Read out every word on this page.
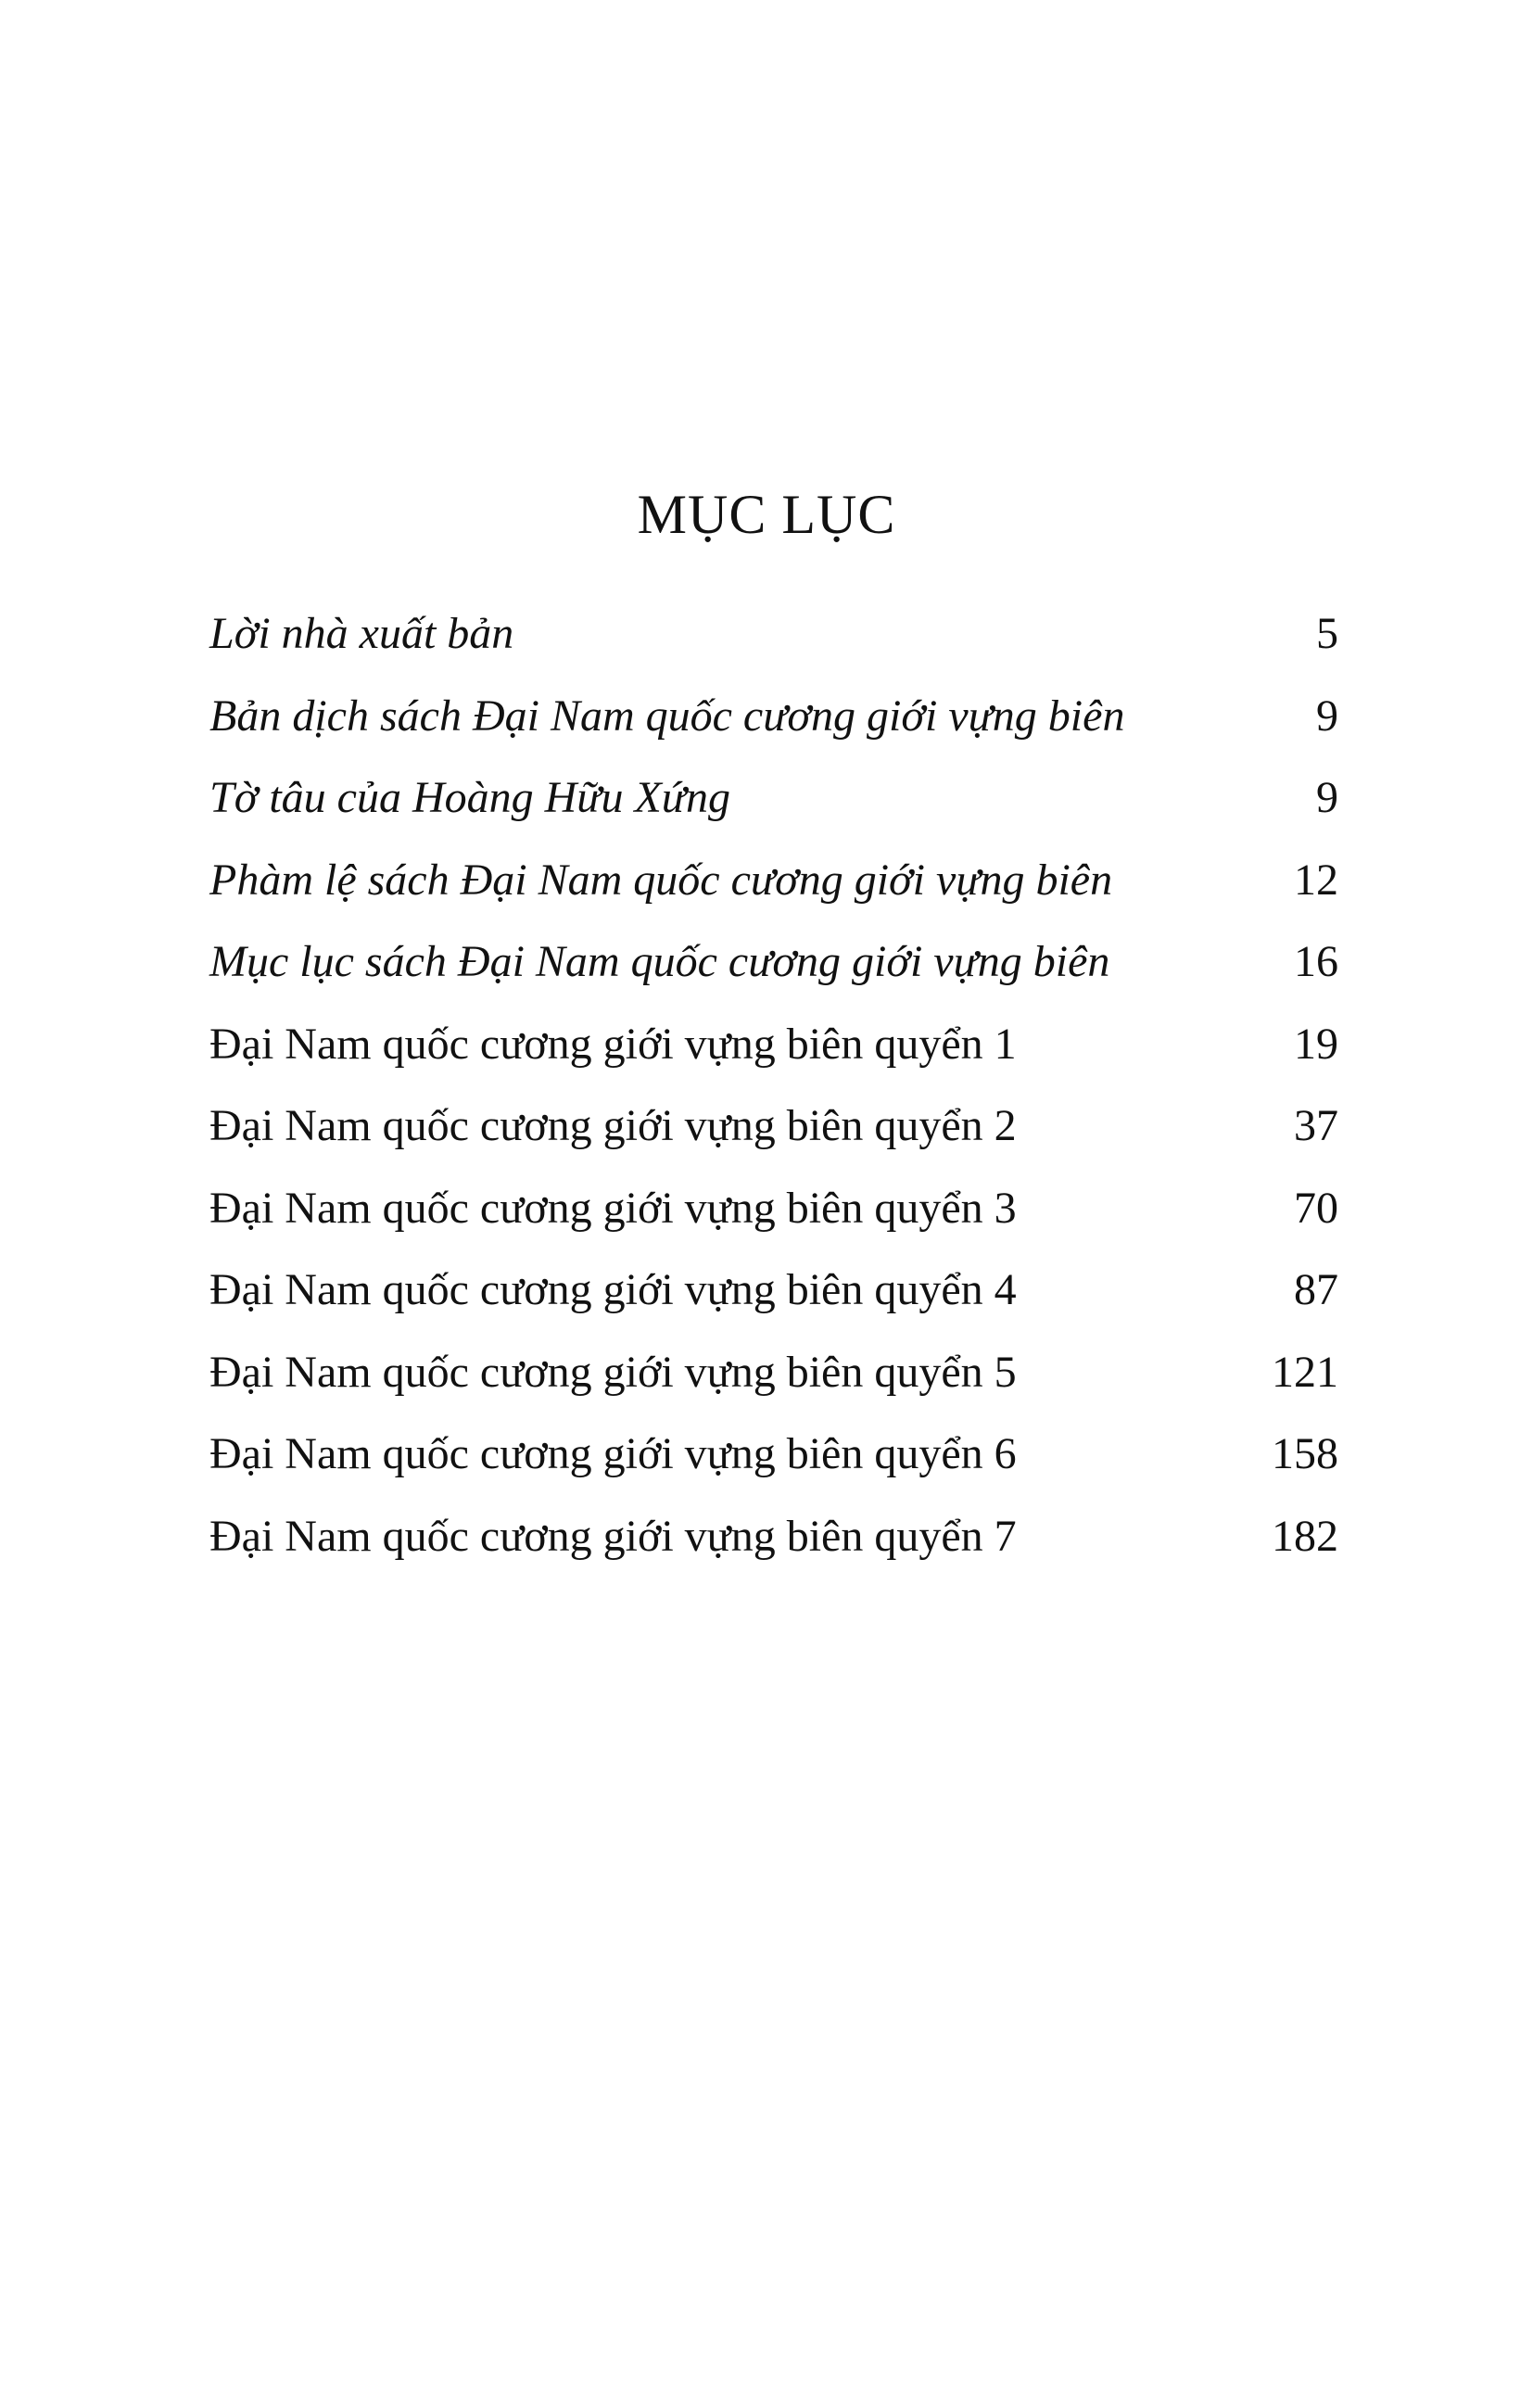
MỤC LỤC
Lời nhà xuất bản	5
Bản dịch sách Đại Nam quốc cương giới vựng biên	9
Tờ tâu của Hoàng Hữu Xứng	9
Phàm lệ sách Đại Nam quốc cương giới vựng biên	12
Mục lục sách Đại Nam quốc cương giới vựng biên	16
Đại Nam quốc cương giới vựng biên quyển 1	19
Đại Nam quốc cương giới vựng biên quyển 2	37
Đại Nam quốc cương giới vựng biên quyển 3	70
Đại Nam quốc cương giới vựng biên quyển 4	87
Đại Nam quốc cương giới vựng biên quyển 5	121
Đại Nam quốc cương giới vựng biên quyển 6	158
Đại Nam quốc cương giới vựng biên quyển 7	182
